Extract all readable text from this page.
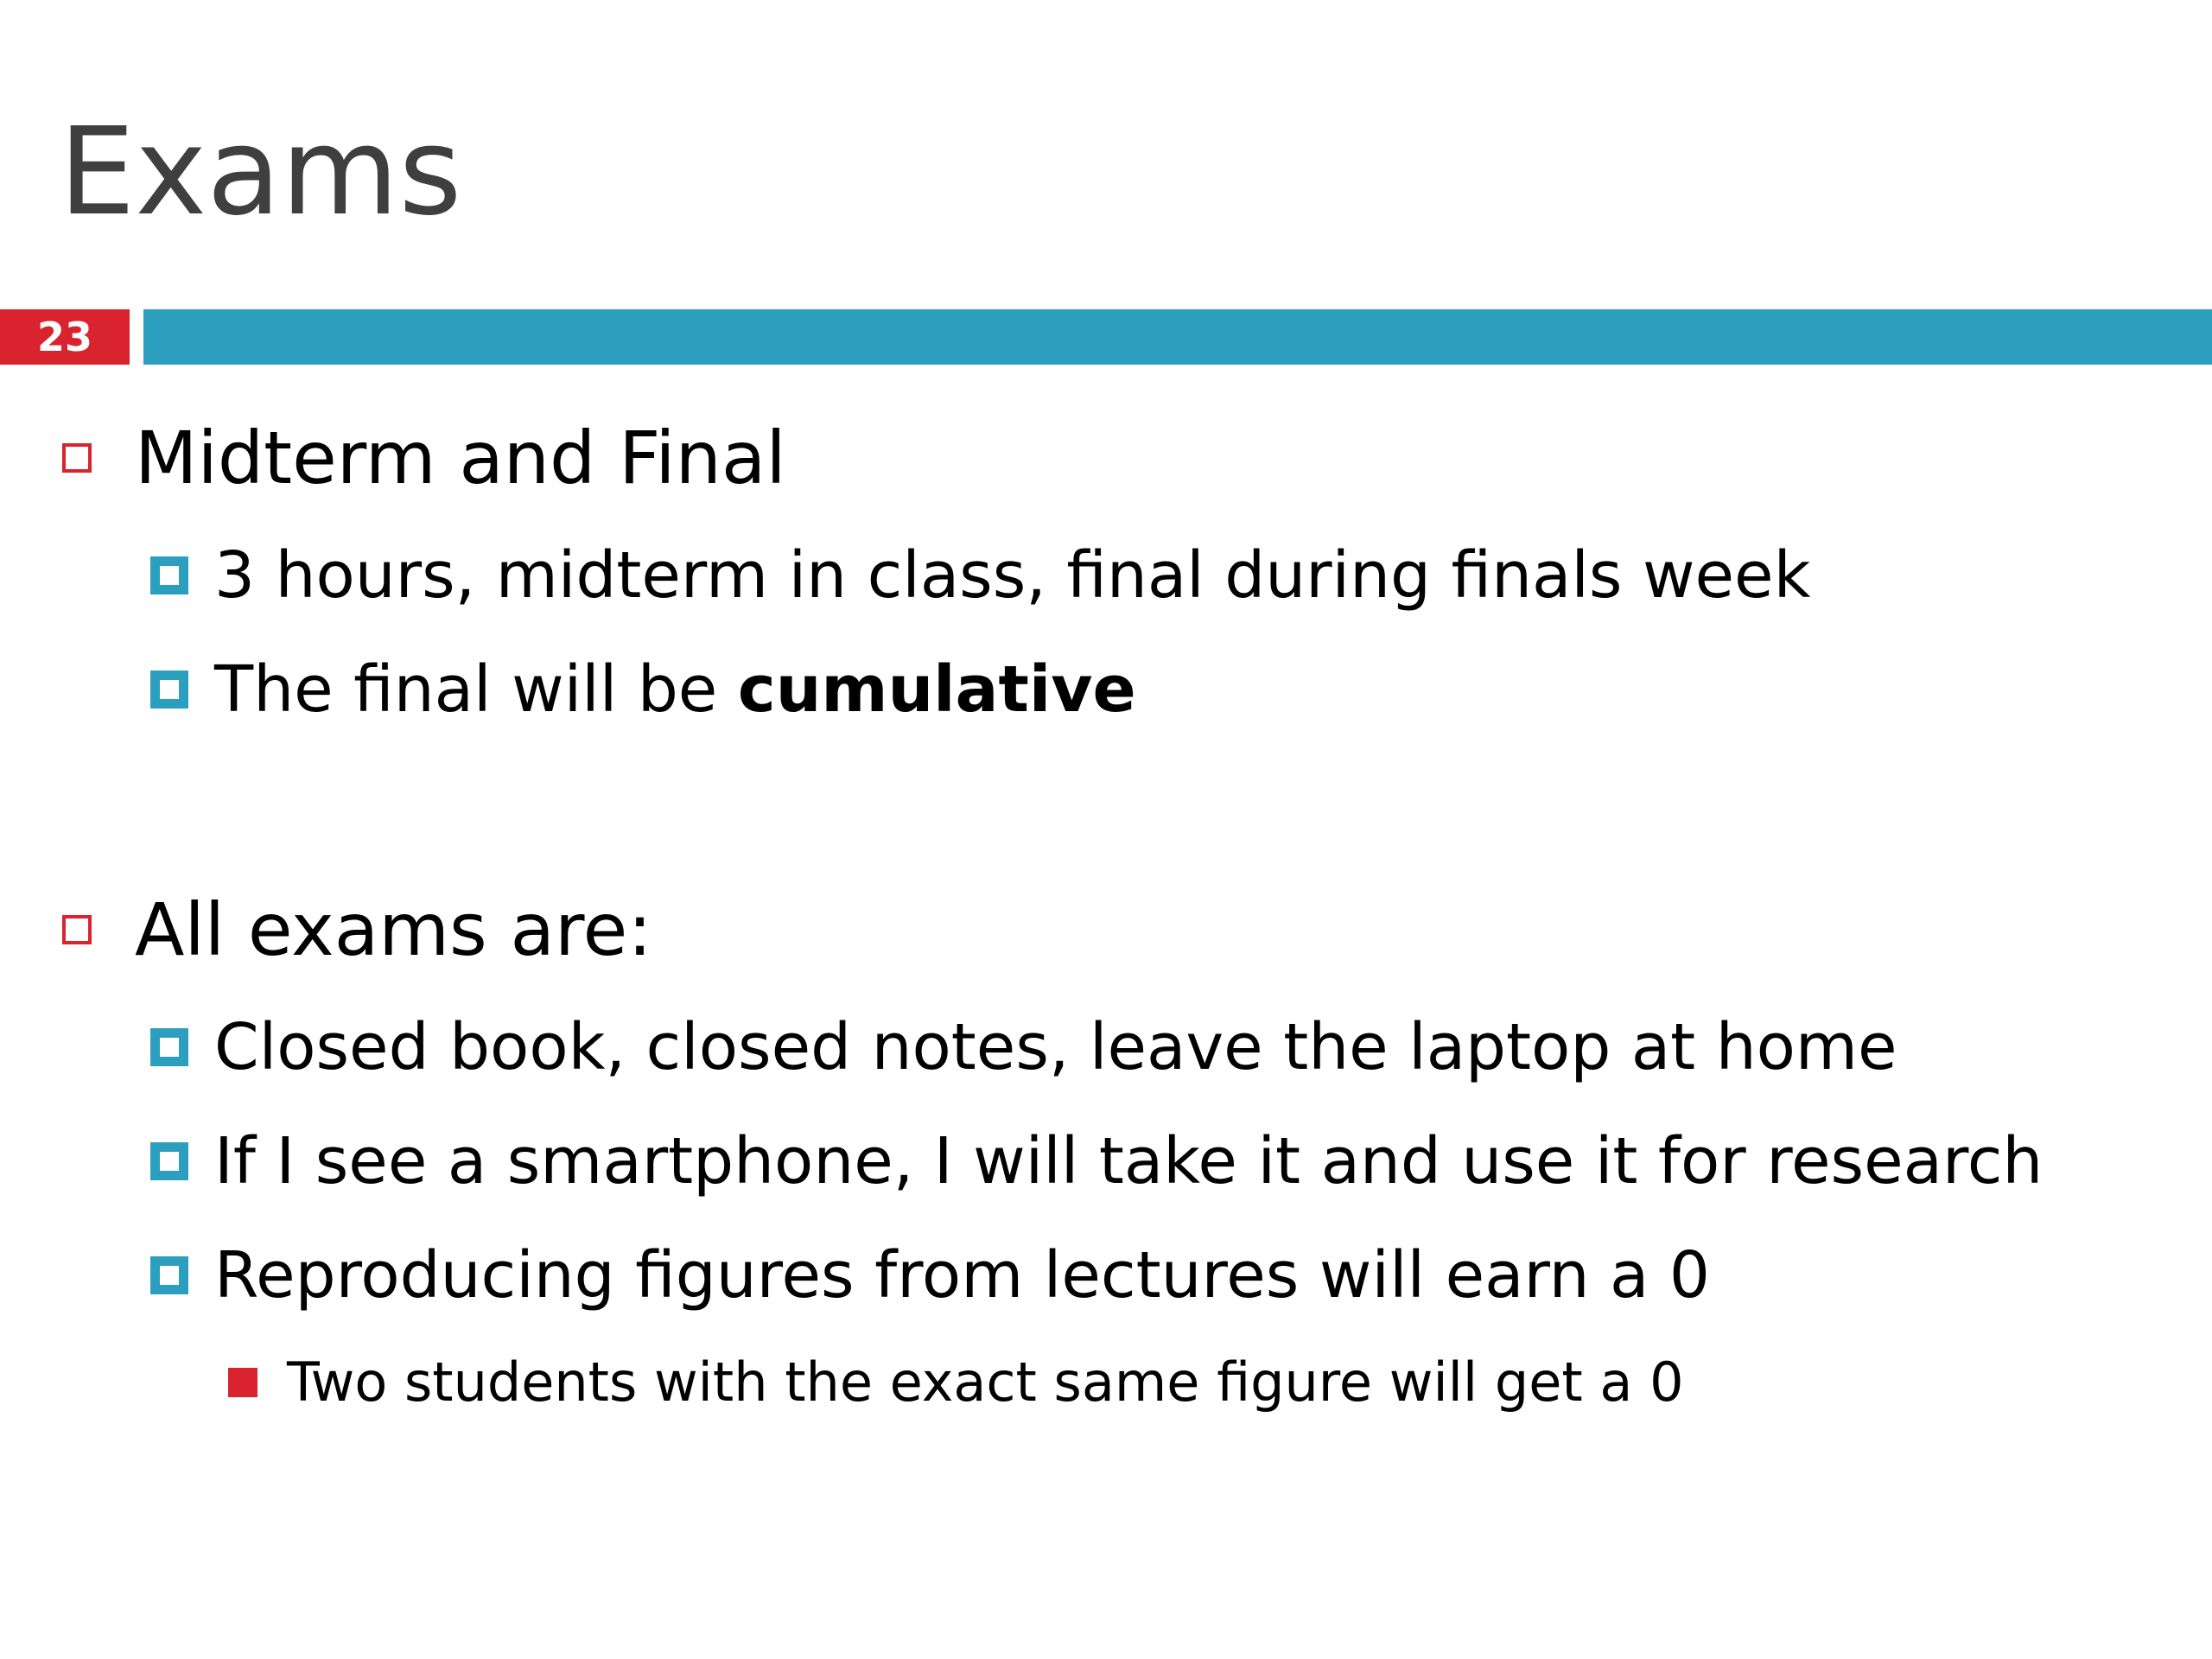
Exams
23
Midterm and Final
3 hours, midterm in class, final during finals week
The final will be cumulative
All exams are:
Closed book, closed notes, leave the laptop at home
If I see a smartphone, I will take it and use it for research
Reproducing figures from lectures will earn a 0
Two students with the exact same figure will get a 0
